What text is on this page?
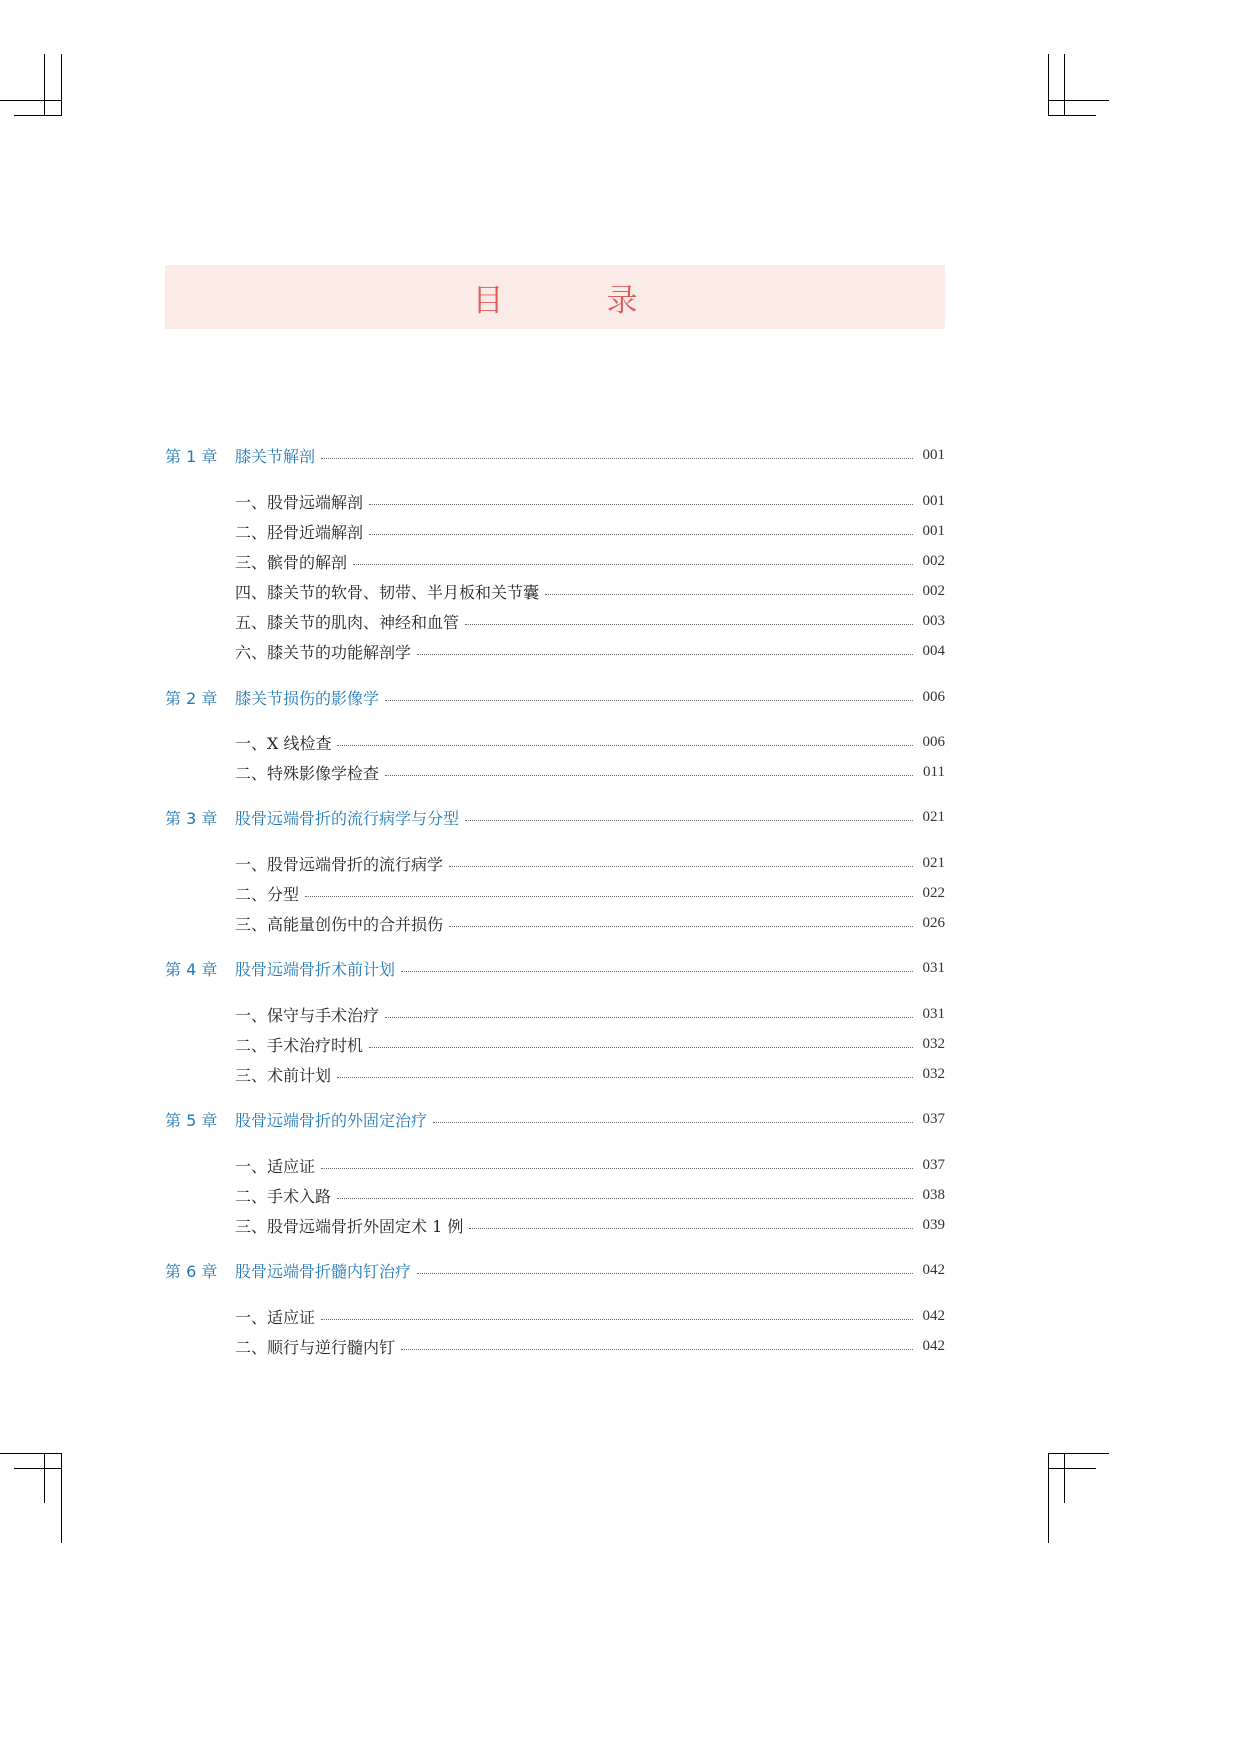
目　录
第 1 章	膝关节解剖	001
一、股骨远端解剖	001
二、胫骨近端解剖	001
三、髌骨的解剖	002
四、膝关节的软骨、韧带、半月板和关节囊	002
五、膝关节的肌肉、神经和血管	003
六、膝关节的功能解剖学	004
第 2 章	膝关节损伤的影像学	006
一、X 线检查	006
二、特殊影像学检查	011
第 3 章	股骨远端骨折的流行病学与分型	021
一、股骨远端骨折的流行病学	021
二、分型	022
三、高能量创伤中的合并损伤	026
第 4 章	股骨远端骨折术前计划	031
一、保守与手术治疗	031
二、手术治疗时机	032
三、术前计划	032
第 5 章	股骨远端骨折的外固定治疗	037
一、适应证	037
二、手术入路	038
三、股骨远端骨折外固定术 1 例	039
第 6 章	股骨远端骨折髓内钉治疗	042
一、适应证	042
二、顺行与逆行髓内钉	042
